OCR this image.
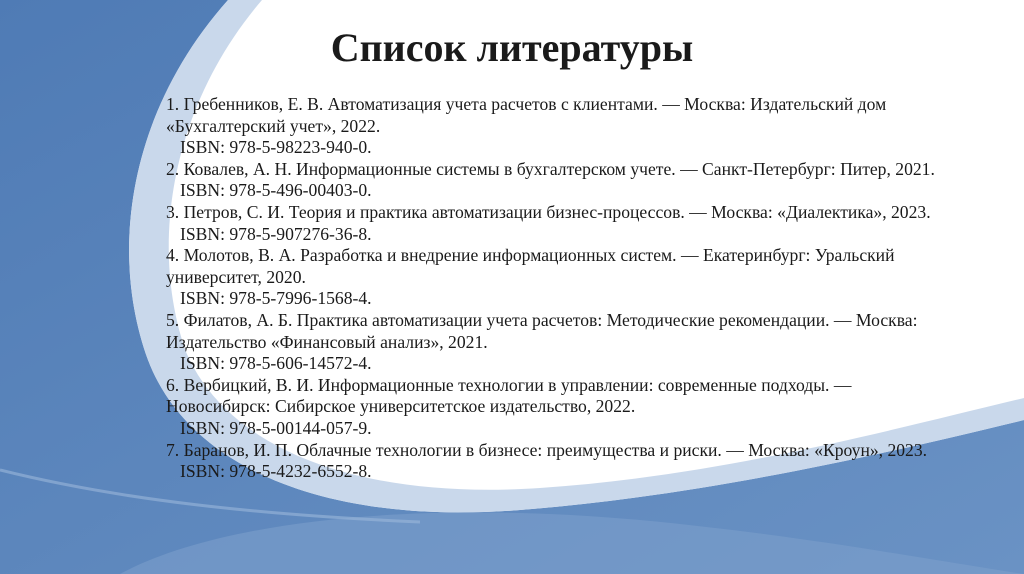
Список литературы
1. Гребенников, Е. В. Автоматизация учета расчетов с клиентами. — Москва: Издательский дом
«Бухгалтерский учет», 2022.
ISBN: 978-5-98223-940-0.
2. Ковалев, А. Н. Информационные системы в бухгалтерском учете. — Санкт-Петербург: Питер, 2021.
ISBN: 978-5-496-00403-0.
3. Петров, С. И. Теория и практика автоматизации бизнес-процессов. — Москва: «Диалектика», 2023.
ISBN: 978-5-907276-36-8.
4. Молотов, В. А. Разработка и внедрение информационных систем. — Екатеринбург: Уральский
университет, 2020.
ISBN: 978-5-7996-1568-4.
5. Филатов, А. Б. Практика автоматизации учета расчетов: Методические рекомендации. — Москва:
Издательство «Финансовый анализ», 2021.
ISBN: 978-5-606-14572-4.
6. Вербицкий, В. И. Информационные технологии в управлении: современные подходы. —
Новосибирск: Сибирское университетское издательство, 2022.
ISBN: 978-5-00144-057-9.
7. Баранов, И. П. Облачные технологии в бизнесе: преимущества и риски. — Москва: «Кроун», 2023.
ISBN: 978-5-4232-6552-8.
